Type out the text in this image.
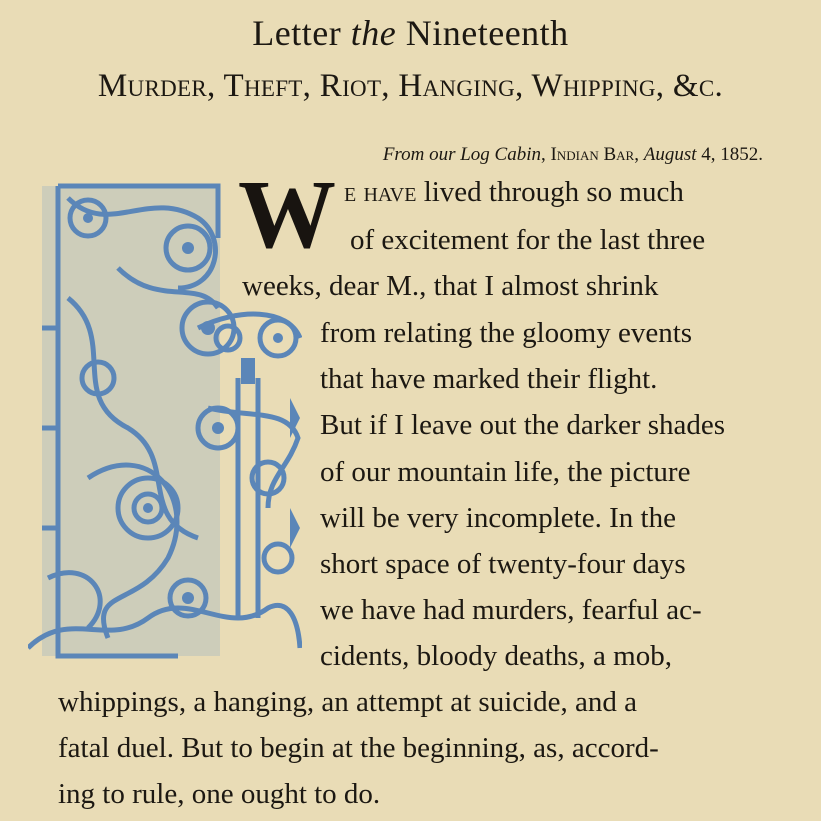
Letter the Nineteenth
Murder, Theft, Riot, Hanging, Whipping, &c.
From our Log Cabin, Indian Bar, August 4, 1852.
W e have lived through so much
of excitement for the last three
weeks, dear M., that I almost shrink
from relating the gloomy events
that have marked their flight.
But if I leave out the darker shades
of our mountain life, the picture
will be very incomplete. In the
short space of twenty-four days
we have had murders, fearful ac-
cidents, bloody deaths, a mob,
whippings, a hanging, an attempt at suicide, and a
fatal duel. But to begin at the beginning, as, accord-
ing to rule, one ought to do.
